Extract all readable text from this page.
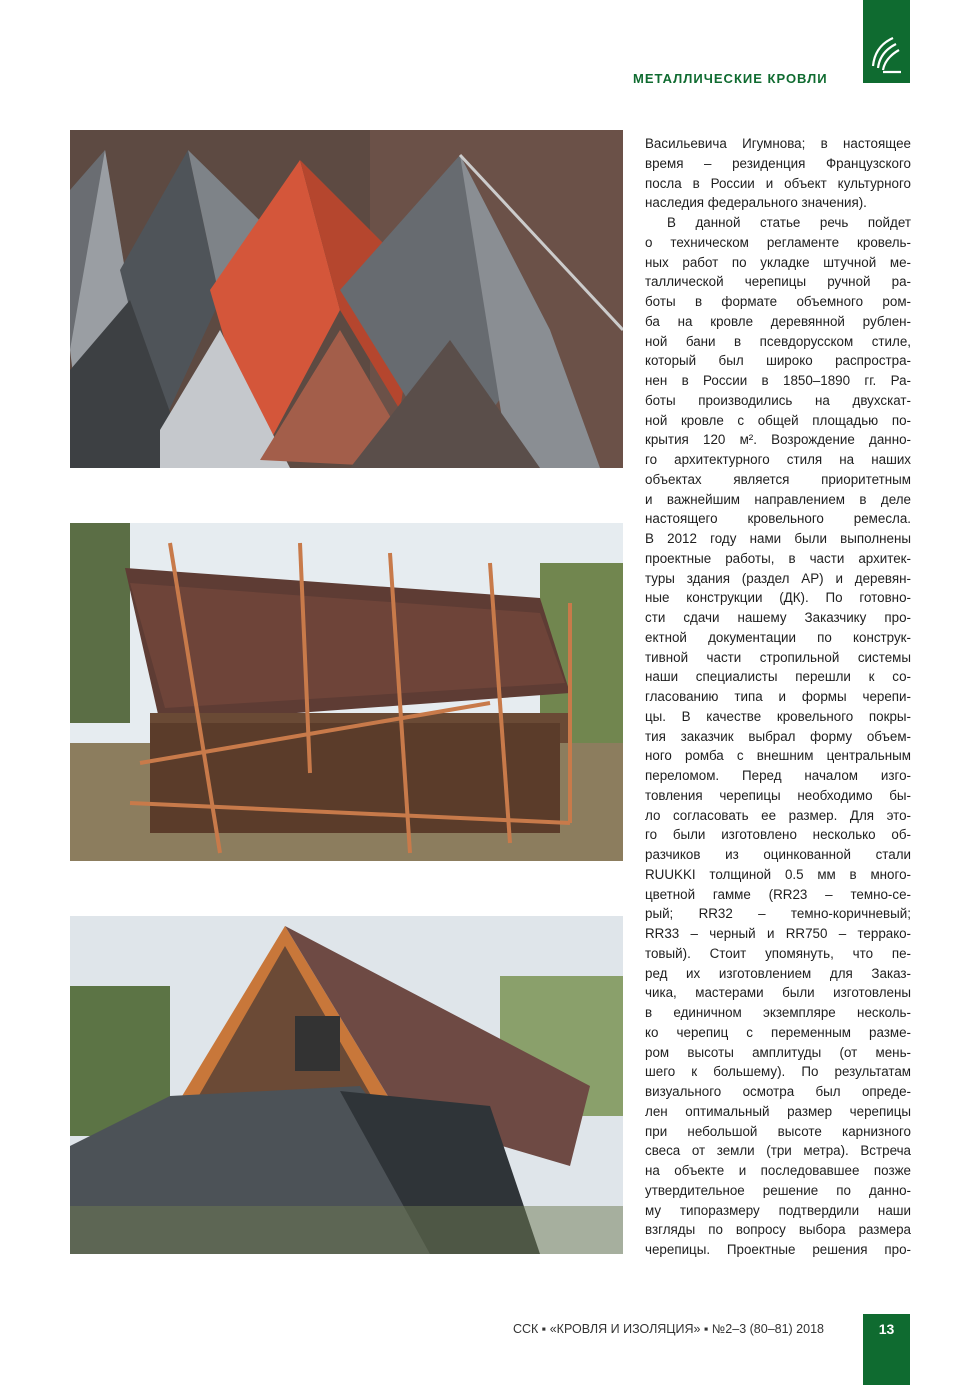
МЕТАЛЛИЧЕСКИЕ КРОВЛИ
Васильевича Игумнова; в настоящее
время – резиденция Французского
посла в России и объект культурного
наследия федерального значения).
В данной статье речь пойдет
о техническом регламенте кровель-
ных работ по укладке штучной ме-
таллической черепицы ручной ра-
боты в формате объемного ром-
ба на кровле деревянной рублен-
ной бани в псевдорусском стиле,
который был широко распростра-
нен в России в 1850–1890 гг. Ра-
боты производились на двухскат-
ной кровле с общей площадью по-
крытия 120 м². Возрождение данно-
го архитектурного стиля на наших
объектах является приоритетным
и важнейшим направлением в деле
настоящего кровельного ремесла.
В 2012 году нами были выполнены
проектные работы, в части архитек-
туры здания (раздел АР) и деревян-
ные конструкции (ДК). По готовно-
сти сдачи нашему Заказчику про-
ектной документации по конструк-
тивной части стропильной системы
наши специалисты перешли к со-
гласованию типа и формы черепи-
цы. В качестве кровельного покры-
тия заказчик выбрал форму объем-
ного ромба с внешним центральным
переломом. Перед началом изго-
товления черепицы необходимо бы-
ло согласовать ее размер. Для это-
го были изготовлено несколько об-
разчиков из оцинкованной стали
RUUKKI толщиной 0.5 мм в много-
цветной гамме (RR23 – темно-се-
рый; RR32 – темно-коричневый;
RR33 – черный и RR750 – терракo-
товый). Стоит упомянуть, что пе-
ред их изготовлением для Заказ-
чика, мастерами были изготовлены
в единичном экземпляре несколь-
ко черепиц с переменным разме-
ром высоты амплитуды (от мень-
шего к большему). По результатам
визуального осмотра был опреде-
лен оптимальный размер черепицы
при небольшой высоте карнизного
свеса от земли (три метра). Встреча
на объекте и последовавшее позже
утвердительное решение по данно-
му типоразмеру подтвердили наши
взгляды по вопросу выбора размера
черепицы. Проектные решения про-
ССК ▪ «КРОВЛЯ И ИЗОЛЯЦИЯ» ▪ №2–3 (80–81) 2018	13
